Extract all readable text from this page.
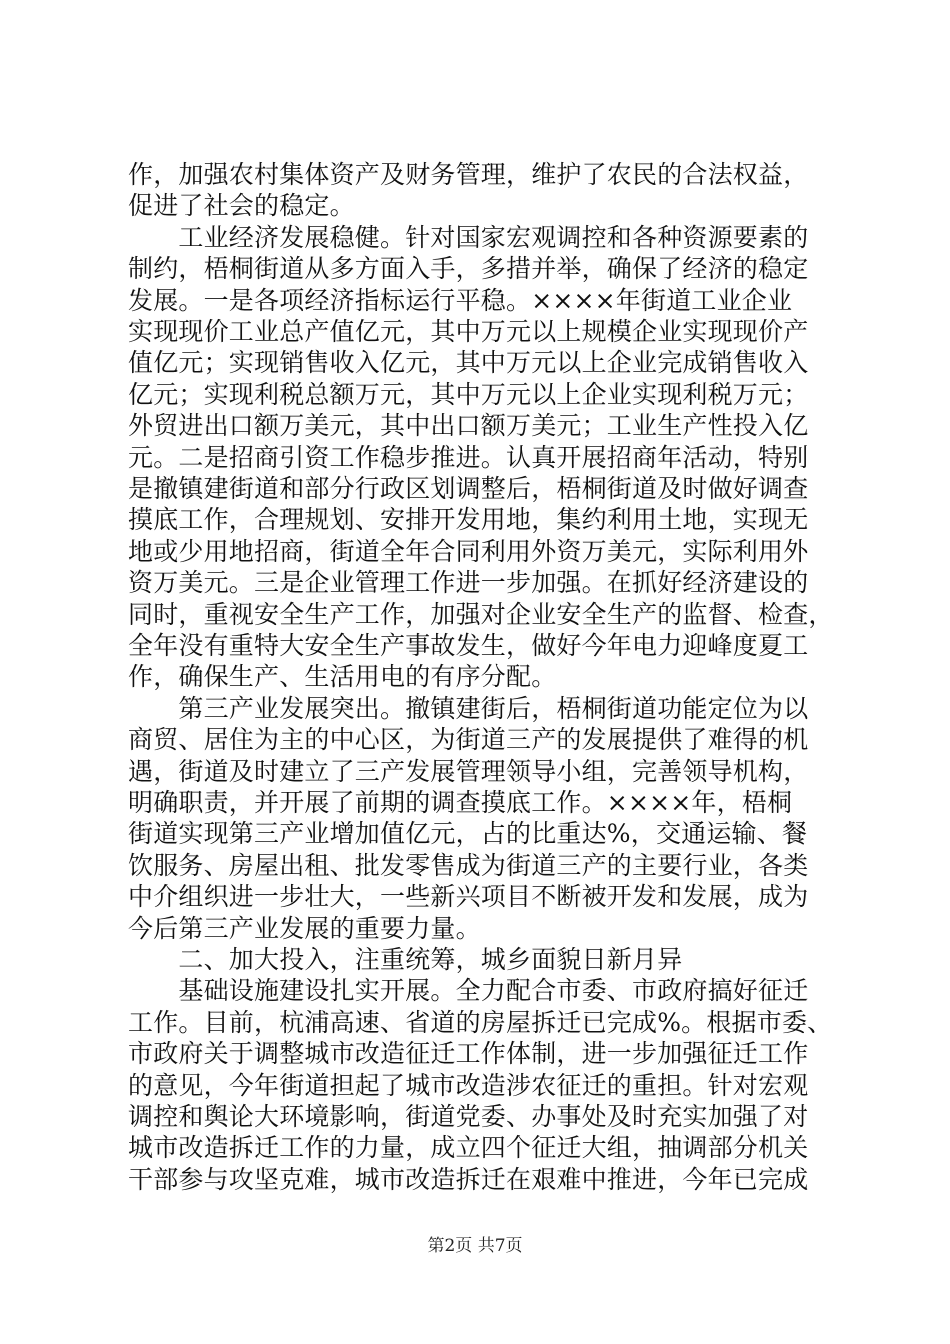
作，加强农村集体资产及财务管理，维护了农民的合法权益，
促进了社会的稳定。
　　工业经济发展稳健。针对国家宏观调控和各种资源要素的
制约，梧桐街道从多方面入手，多措并举，确保了经济的稳定
发展。一是各项经济指标运行平稳。××××年街道工业企业
实现现价工业总产值亿元，其中万元以上规模企业实现现价产
值亿元；实现销售收入亿元，其中万元以上企业完成销售收入
亿元；实现利税总额万元，其中万元以上企业实现利税万元；
外贸进出口额万美元，其中出口额万美元；工业生产性投入亿
元。二是招商引资工作稳步推进。认真开展招商年活动，特别
是撤镇建街道和部分行政区划调整后，梧桐街道及时做好调查
摸底工作，合理规划、安排开发用地，集约利用土地，实现无
地或少用地招商，街道全年合同利用外资万美元，实际利用外
资万美元。三是企业管理工作进一步加强。在抓好经济建设的
同时，重视安全生产工作，加强对企业安全生产的监督、检查，
全年没有重特大安全生产事故发生，做好今年电力迎峰度夏工
作，确保生产、生活用电的有序分配。
　　第三产业发展突出。撤镇建街后，梧桐街道功能定位为以
商贸、居住为主的中心区，为街道三产的发展提供了难得的机
遇，街道及时建立了三产发展管理领导小组，完善领导机构，
明确职责，并开展了前期的调查摸底工作。××××年，梧桐
街道实现第三产业增加值亿元，占的比重达%，交通运输、餐
饮服务、房屋出租、批发零售成为街道三产的主要行业，各类
中介组织进一步壮大，一些新兴项目不断被开发和发展，成为
今后第三产业发展的重要力量。
　　二、加大投入，注重统筹，城乡面貌日新月异
　　基础设施建设扎实开展。全力配合市委、市政府搞好征迁
工作。目前，杭浦高速、省道的房屋拆迁已完成%。根据市委、
市政府关于调整城市改造征迁工作体制，进一步加强征迁工作
的意见，今年街道担起了城市改造涉农征迁的重担。针对宏观
调控和舆论大环境影响，街道党委、办事处及时充实加强了对
第2页 共7页
城市改造拆迁工作的力量，成立四个征迁大组，抽调部分机关
干部参与攻坚克难，城市改造拆迁在艰难中推进，今年已完成
